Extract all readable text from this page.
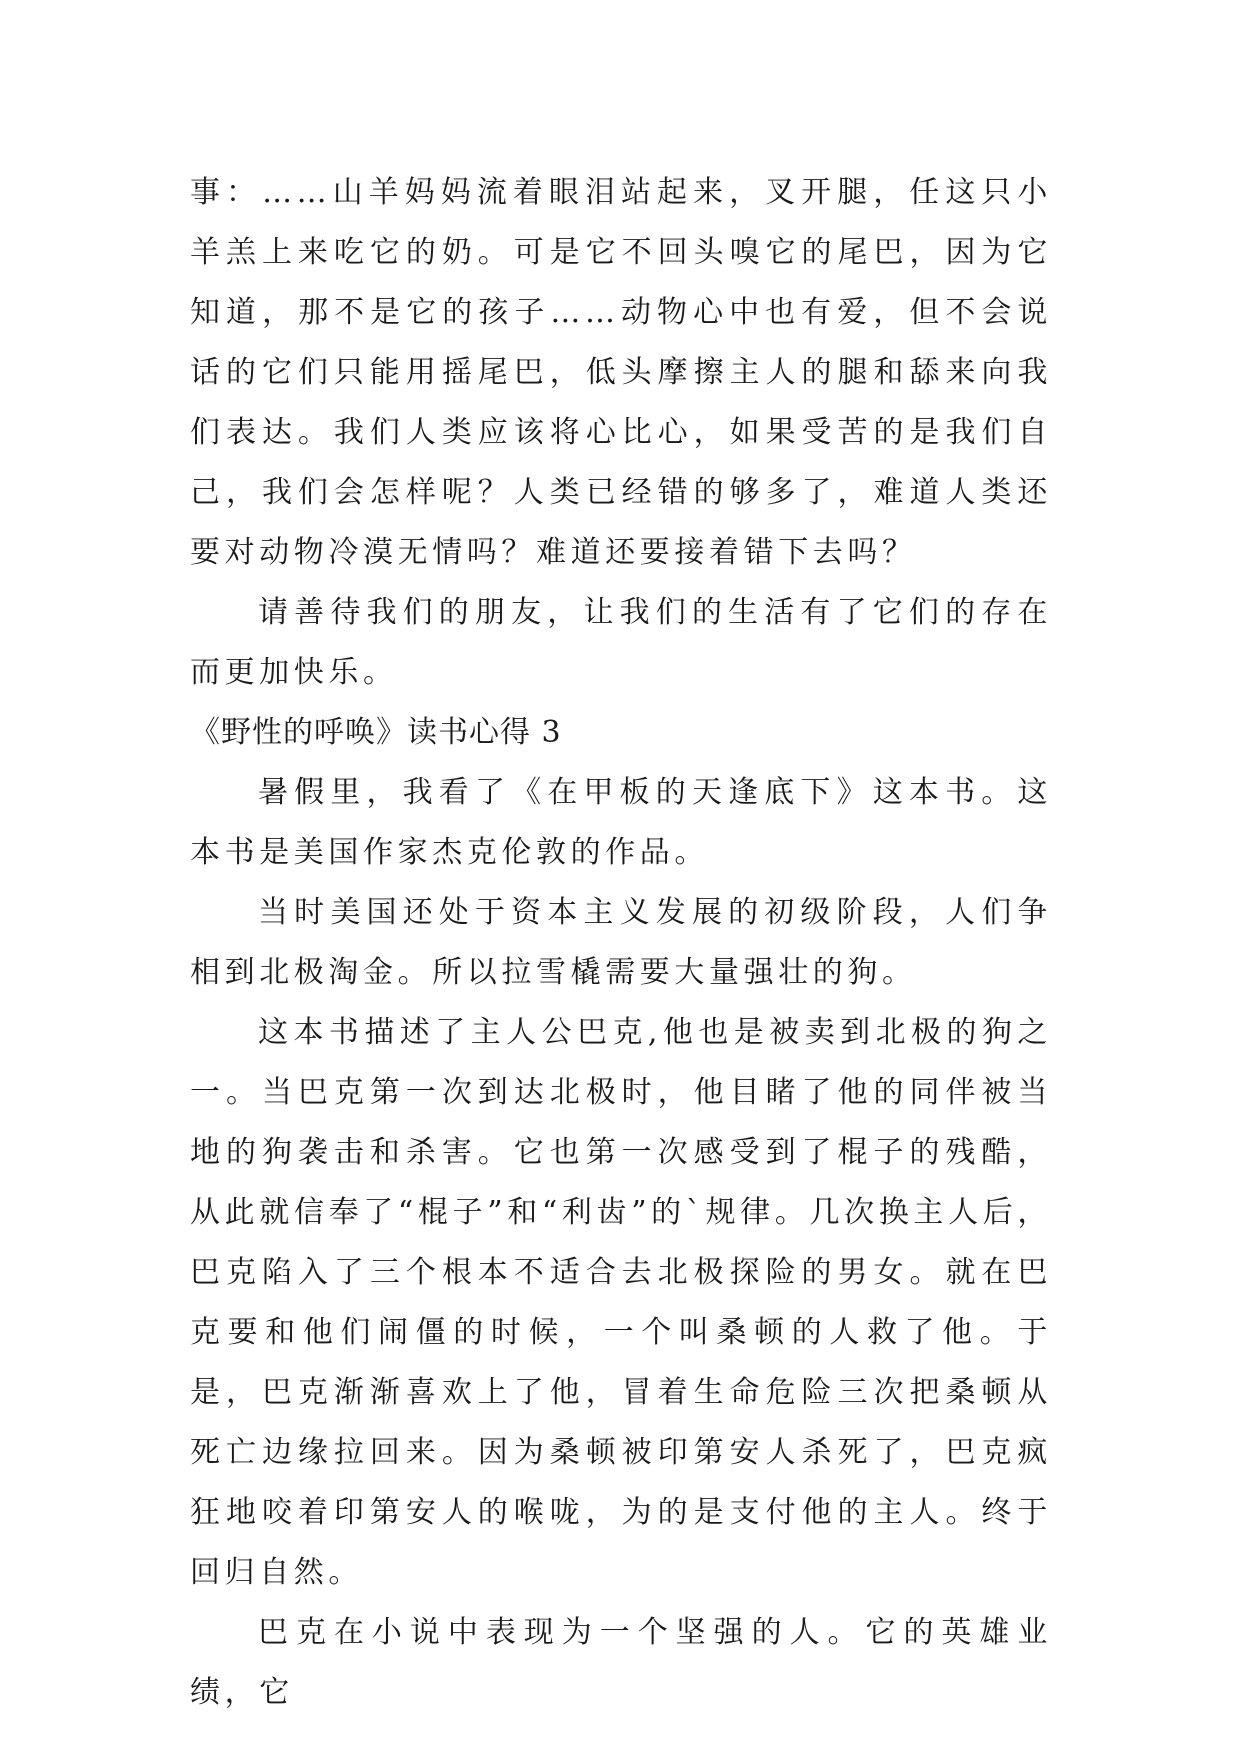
事：……山羊妈妈流着眼泪站起来，叉开腿，任这只小羊羔上来吃它的奶。可是它不回头嗅它的尾巴，因为它知道，那不是它的孩子……动物心中也有爱，但不会说话的它们只能用摇尾巴，低头摩擦主人的腿和舔来向我们表达。我们人类应该将心比心，如果受苦的是我们自己，我们会怎样呢？人类已经错的够多了，难道人类还要对动物冷漠无情吗？难道还要接着错下去吗？

请善待我们的朋友，让我们的生活有了它们的存在而更加快乐。

《野性的呼唤》读书心得 3

暑假里，我看了《在甲板的天逢底下》这本书。这本书是美国作家杰克伦敦的作品。

当时美国还处于资本主义发展的初级阶段，人们争相到北极淘金。所以拉雪橇需要大量强壮的狗。

这本书描述了主人公巴克,他也是被卖到北极的狗之一。当巴克第一次到达北极时，他目睹了他的同伴被当地的狗袭击和杀害。它也第一次感受到了棍子的残酷，从此就信奉了“棍子”和“利齿”的`规律。几次换主人后，巴克陷入了三个根本不适合去北极探险的男女。就在巴克要和他们闹僵的时候，一个叫桑顿的人救了他。于是，巴克渐渐喜欢上了他，冒着生命危险三次把桑顿从死亡边缘拉回来。因为桑顿被印第安人杀死了，巴克疯狂地咬着印第安人的喉咙，为的是支付他的主人。终于回归自然。

巴克在小说中表现为一个坚强的人。它的英雄业绩，它
